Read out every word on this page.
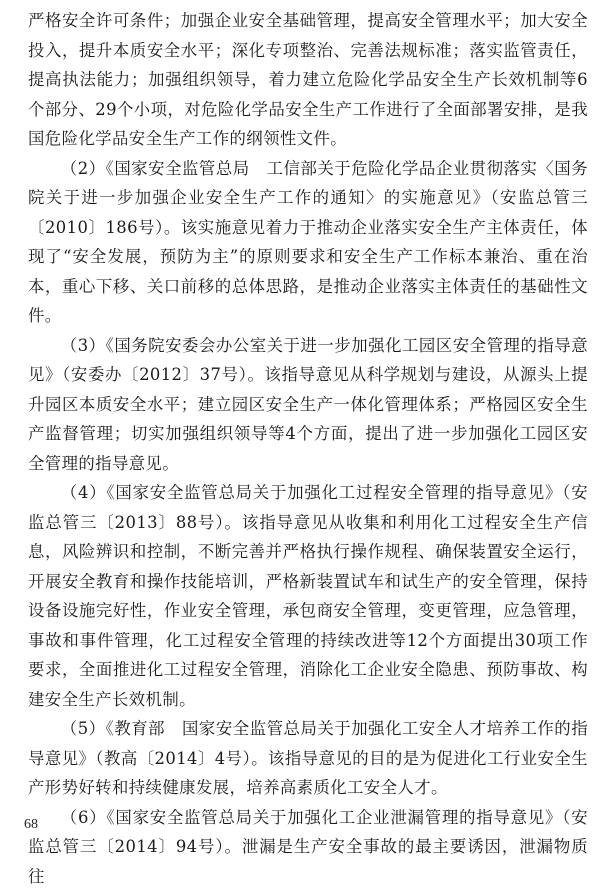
严格安全许可条件；加强企业安全基础管理，提高安全管理水平；加大安全投入，提升本质安全水平；深化专项整治、完善法规标准；落实监管责任，提高执法能力；加强组织领导，着力建立危险化学品安全生产长效机制等6个部分、29个小项，对危险化学品安全生产工作进行了全面部署安排，是我国危险化学品安全生产工作的纲领性文件。

（2）《国家安全监管总局　工信部关于危险化学品企业贯彻落实〈国务院关于进一步加强企业安全生产工作的通知〉的实施意见》（安监总管三〔2010〕186号）。该实施意见着力于推动企业落实安全生产主体责任，体现了“安全发展，预防为主”的原则要求和安全生产工作标本兼治、重在治本，重心下移、关口前移的总体思路，是推动企业落实主体责任的基础性文件。

（3）《国务院安委会办公室关于进一步加强化工园区安全管理的指导意见》（安委办〔2012〕37号）。该指导意见从科学规划与建设，从源头上提升园区本质安全水平；建立园区安全生产一体化管理体系；严格园区安全生产监督管理；切实加强组织领导等4个方面，提出了进一步加强化工园区安全管理的指导意见。

（4）《国家安全监管总局关于加强化工过程安全管理的指导意见》（安监总管三〔2013〕88号）。该指导意见从收集和利用化工过程安全生产信息，风险辨识和控制，不断完善并严格执行操作规程、确保装置安全运行，开展安全教育和操作技能培训，严格新装置试车和试生产的安全管理，保持设备设施完好性，作业安全管理，承包商安全管理，变更管理，应急管理，事故和事件管理，化工过程安全管理的持续改进等12个方面提出30项工作要求，全面推进化工过程安全管理，消除化工企业安全隐患、预防事故、构建安全生产长效机制。

（5）《教育部　国家安全监管总局关于加强化工安全人才培养工作的指导意见》（教高〔2014〕4号）。该指导意见的目的是为促进化工行业安全生产形势好转和持续健康发展，培养高素质化工安全人才。

（6）《国家安全监管总局关于加强化工企业泄漏管理的指导意见》（安监总管三〔2014〕94号）。泄漏是生产安全事故的最主要诱因，泄漏物质往

68
